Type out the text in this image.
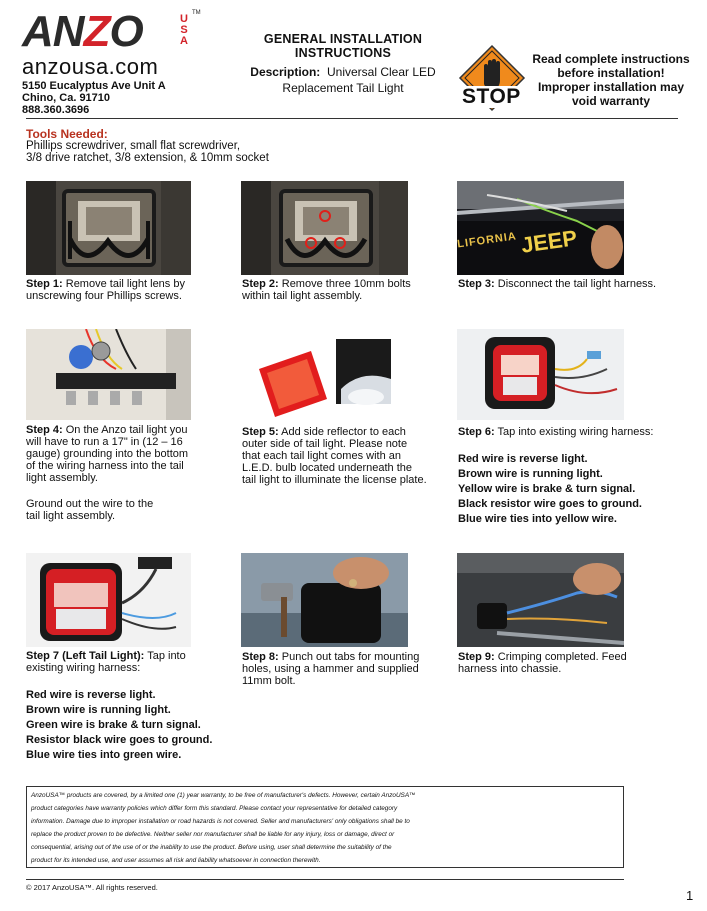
ANZO	U
S
A
TM
anzousa.com
5150 Eucalyptus Ave Unit A
Chino, Ca. 91710
888.360.3696
GENERAL INSTALLATION INSTRUCTIONS
Description: Universal Clear LED
Replacement Tail Light	STOP
Read complete instructions
before installation!
Improper installation may
void warranty
Tools Needed:
Phillips screwdriver, small flat screwdriver,
3/8 drive ratchet, 3/8 extension, & 10mm socket
LIFORNIA JEEP
Step 1: Remove tail light lens by
unscrewing four Phillips screws.
Step 2: Remove three 10mm bolts
within tail light assembly.
Step 3: Disconnect the tail light harness.
Step 4: On the Anzo tail light you
will have to run a 17" in (12 – 16
gauge) grounding into the bottom
of the wiring harness into the tail
light assembly.
Ground out the wire to the
tail light assembly.
Step 5: Add side reflector to each
outer side of tail light. Please note
that each tail light comes with an
L.E.D. bulb located underneath the
tail light to illuminate the license plate.
Step 6: Tap into existing wiring harness:
Red wire is reverse light.
Brown wire is running light.
Yellow wire is brake & turn signal.
Black resistor wire goes to ground.
Blue wire ties into yellow wire.
Step 7 (Left Tail Light): Tap into
existing wiring harness:
Red wire is reverse light.
Brown wire is running light.
Green wire is brake & turn signal.
Resistor black wire goes to ground.
Blue wire ties into green wire.
Step 8: Punch out tabs for mounting
holes, using a hammer and supplied
11mm bolt.
Step 9: Crimping completed. Feed
harness into chassie.
AnzoUSA™ products are covered, by a limited one (1) year warranty, to be free of manufacturer's defects. However, certain AnzoUSA™
product categories have warranty policies which differ form this standard. Please contact your representative for detailed category
information. Damage due to improper installation or road hazards is not covered. Seller and manufacturers' only obligations shall be to
replace the product proven to be defective. Neither seller nor manufacturer shall be liable for any injury, loss or damage, direct or
consequential, arising out of the use of or the inability to use the product. Before using, user shall determine the suitability of the
product for its intended use, and user assumes all risk and liability whatsoever in connection therewith.
© 2017 AnzoUSA™. All rights reserved.
1
